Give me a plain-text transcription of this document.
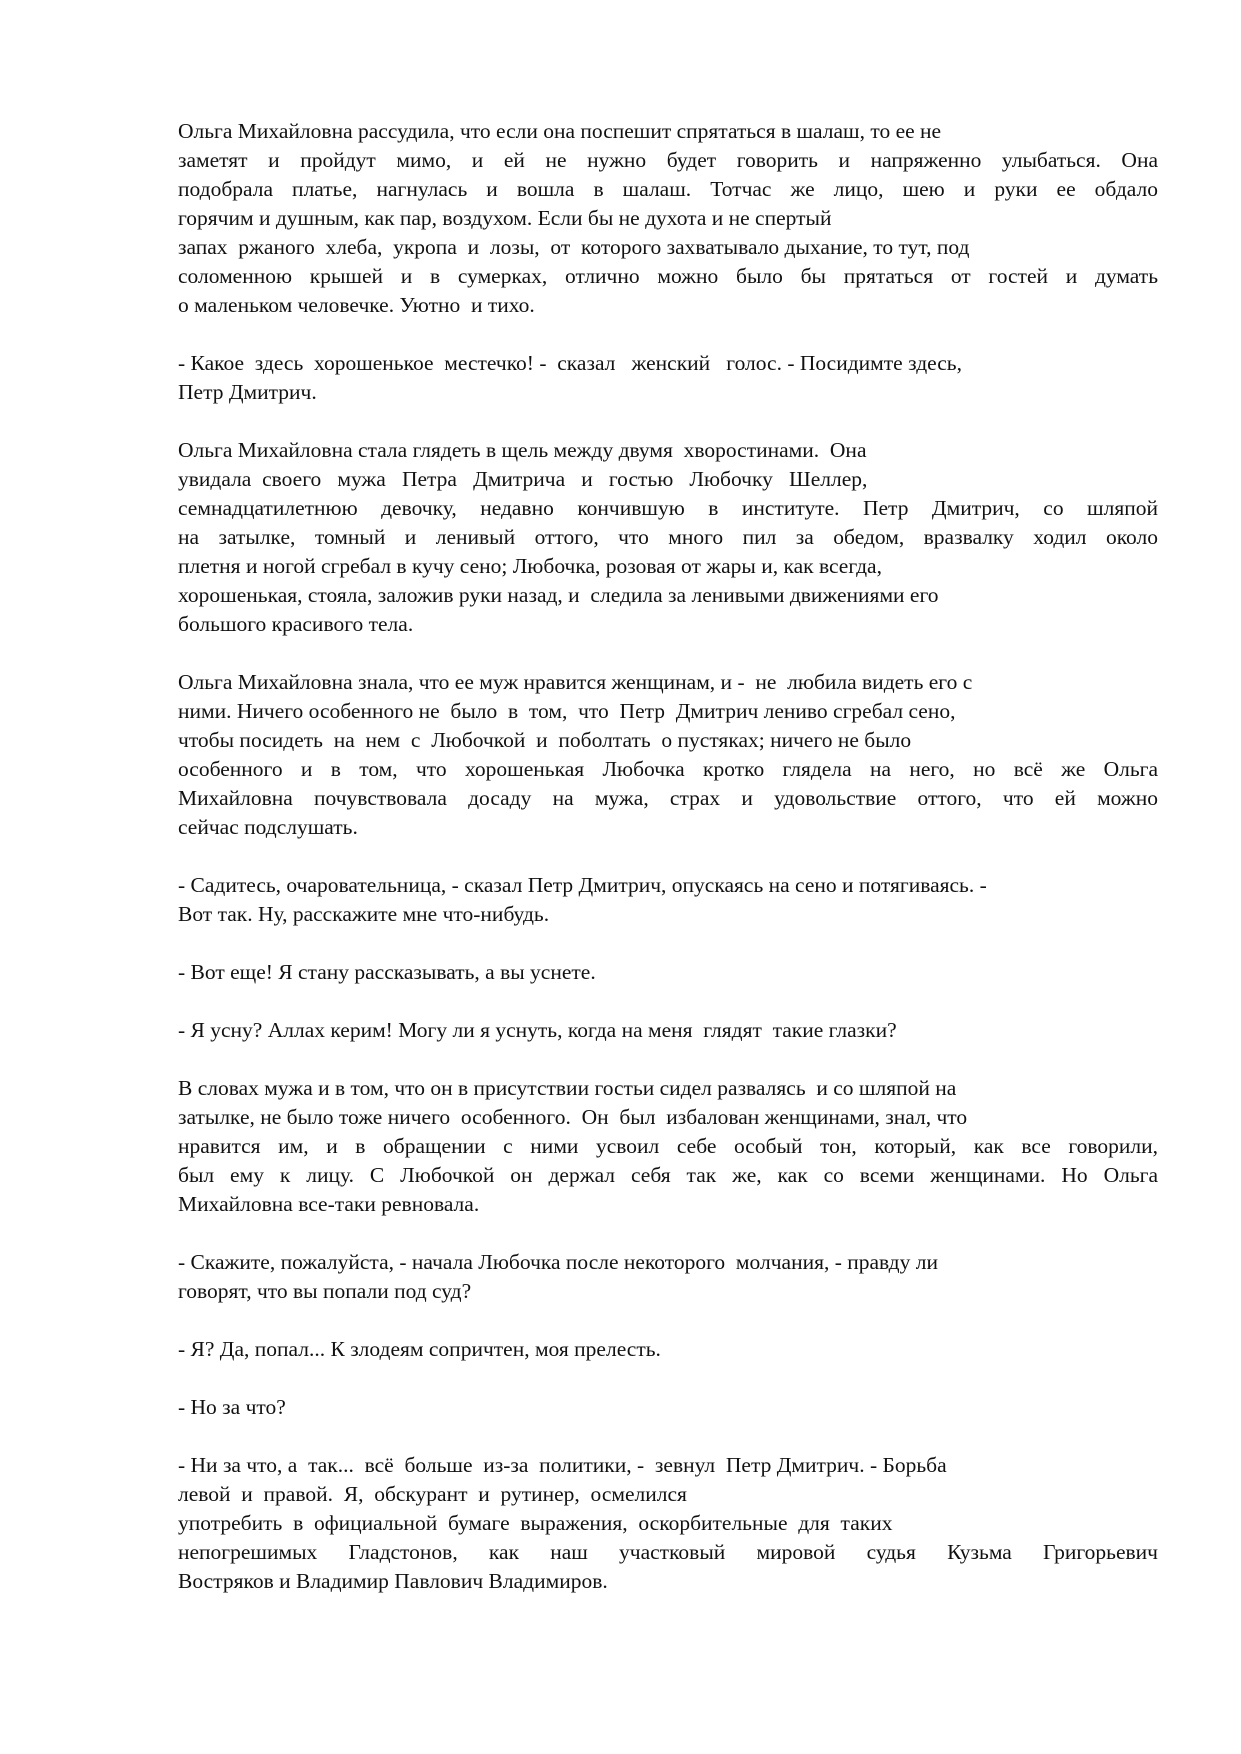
Ольга Михайловна рассудила, что если она поспешит спрятаться в шалаш, то ее не
заметят и пройдут мимо, и ей не нужно будет говорить и напряженно улыбаться. Она
подобрала платье, нагнулась и вошла в шалаш. Тотчас же лицо, шею и руки ее обдало
горячим и душным, как пар, воздухом. Если бы не духота и не спертый
запах  ржаного  хлеба,  укропа  и  лозы,  от  которого захватывало дыхание, то тут, под
соломенною крышей и в сумерках, отлично можно было бы прятаться от гостей и думать
о маленьком человечке. Уютно  и тихо.

- Какое  здесь  хорошенькое  местечко! -  сказал   женский   голос. - Посидимте здесь,
Петр Дмитрич.

Ольга Михайловна стала глядеть в щель между двумя  хворостинами.  Она
увидала  своего   мужа   Петра   Дмитрича   и   гостью   Любочку   Шеллер,
семнадцатилетнюю девочку, недавно кончившую в институте. Петр Дмитрич, со шляпой
на затылке, томный и ленивый оттого, что много пил за обедом, вразвалку ходил около
плетня и ногой сгребал в кучу сено; Любочка, розовая от жары и, как всегда,
хорошенькая, стояла, заложив руки назад, и  следила за ленивыми движениями его
большого красивого тела.

Ольга Михайловна знала, что ее муж нравится женщинам, и -  не  любила видеть его с
ними. Ничего особенного не  было  в  том,  что  Петр  Дмитрич лениво сгребал сено,
чтобы посидеть  на  нем  с  Любочкой  и  поболтать  о пустяках; ничего не было
особенного и в том, что хорошенькая Любочка кротко глядела на него, но всё же Ольга
Михайловна почувствовала досаду на мужа, страх и удовольствие оттого, что ей можно
сейчас подслушать.

- Садитесь, очаровательница, - сказал Петр Дмитрич, опускаясь на сено и потягиваясь. -
Вот так. Ну, расскажите мне что-нибудь.

- Вот еще! Я стану рассказывать, а вы уснете.

- Я усну? Аллах керим! Могу ли я уснуть, когда на меня  глядят  такие глазки?

В словах мужа и в том, что он в присутствии гостьи сидел развалясь  и со шляпой на
затылке, не было тоже ничего  особенного.  Он  был  избалован женщинами, знал, что
нравится им, и в обращении с ними усвоил себе особый тон, который, как все говорили,
был ему к лицу. С Любочкой он держал себя так же, как со всеми женщинами. Но Ольга
Михайловна все-таки ревновала.

- Скажите, пожалуйста, - начала Любочка после некоторого  молчания, - правду ли
говорят, что вы попали под суд?

- Я? Да, попал... К злодеям сопричтен, моя прелесть.

- Но за что?

- Ни за что, а  так...  всё  больше  из-за  политики, -  зевнул  Петр Дмитрич. - Борьба
левой  и  правой.  Я,  обскурант  и  рутинер,  осмелился
употребить  в  официальной  бумаге  выражения,  оскорбительные  для  таких
непогрешимых Гладстонов, как наш участковый мировой судья Кузьма Григорьевич
Востряков и Владимир Павлович Владимиров.
